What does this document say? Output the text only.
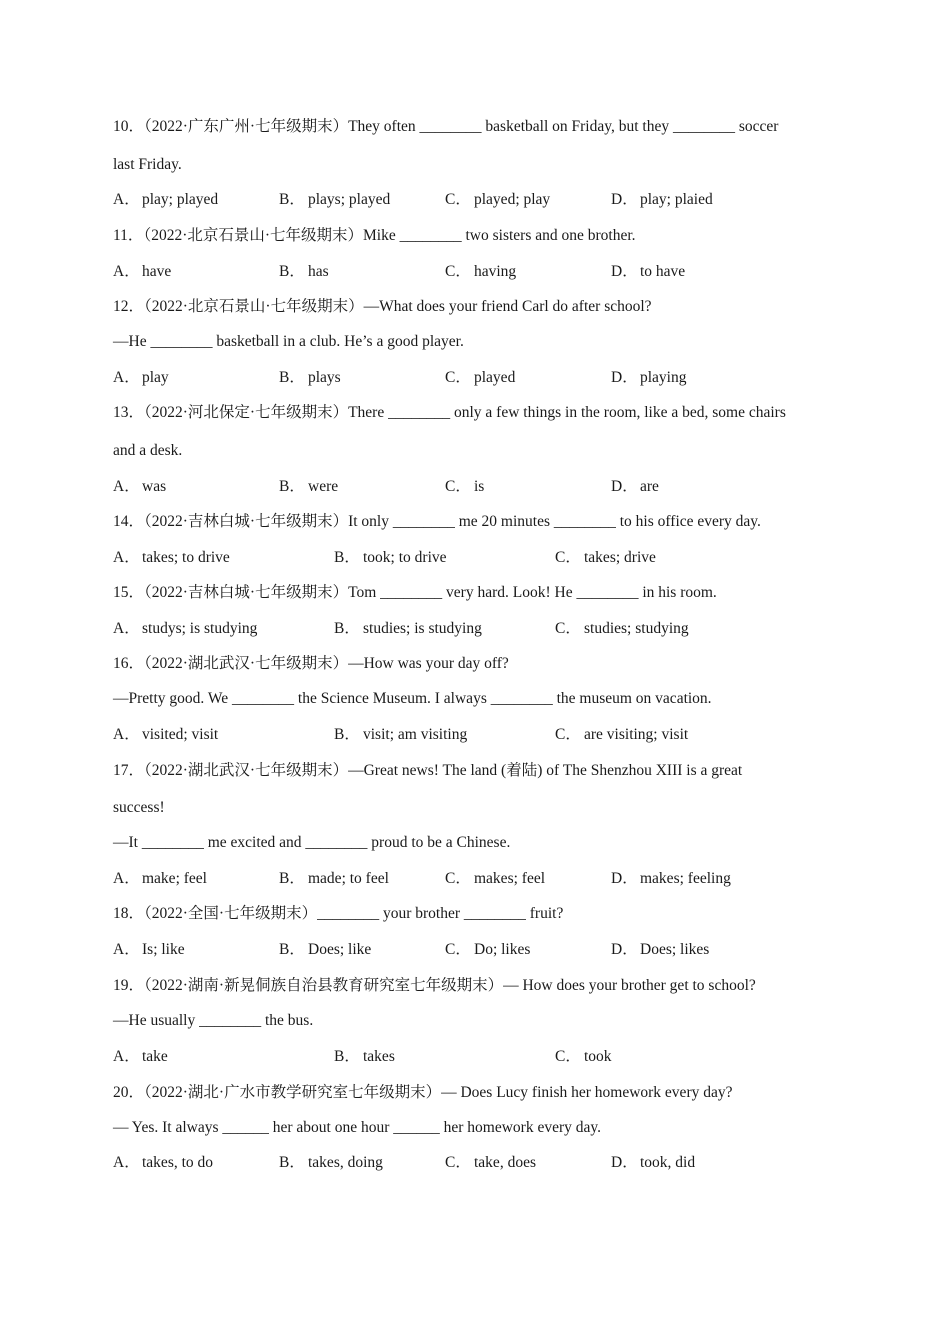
10．（2022·广东广州·七年级期末）They often ________ basketball on Friday, but they ________ soccer
last Friday.
A． play; played	B． plays; played	C． played; play	D． play; plaied
11．（2022·北京石景山·七年级期末）Mike ________ two sisters and one brother.
A． have	B． has	C． having	D． to have
12．（2022·北京石景山·七年级期末）—What does your friend Carl do after school?
—He ________ basketball in a club. He’s a good player.
A． play	B． plays	C． played	D． playing
13．（2022·河北保定·七年级期末）There ________ only a few things in the room, like a bed, some chairs
and a desk.
A． was	B． were	C． is	D． are
14．（2022·吉林白城·七年级期末）It only ________ me 20 minutes ________ to his office every day.
A． takes; to drive	B． took; to drive	C． takes; drive
15．（2022·吉林白城·七年级期末）Tom ________ very hard. Look! He ________ in his room.
A． studys; is studying	B． studies; is studying	C． studies; studying
16．（2022·湖北武汉·七年级期末）—How was your day off?
—Pretty good. We ________ the Science Museum. I always ________ the museum on vacation.
A． visited; visit	B． visit; am visiting	C． are visiting; visit
17．（2022·湖北武汉·七年级期末）—Great news! The land (着陆) of The Shenzhou XIII is a great
success!
—It ________ me excited and ________ proud to be a Chinese.
A． make; feel	B． made; to feel	C． makes; feel	D． makes; feeling
18．（2022·全国·七年级期末）________ your brother ________ fruit?
A． Is; like	B． Does; like	C． Do; likes	D． Does; likes
19．（2022·湖南·新晃侗族自治县教育研究室七年级期末）— How does your brother get to school?
—He usually ________ the bus.
A． take	B． takes	C． took
20．（2022·湖北·广水市教学研究室七年级期末）— Does Lucy finish her homework every day?
— Yes. It always ______ her about one hour ______ her homework every day.
A． takes, to do	B． takes, doing	C． take, does	D． took, did
